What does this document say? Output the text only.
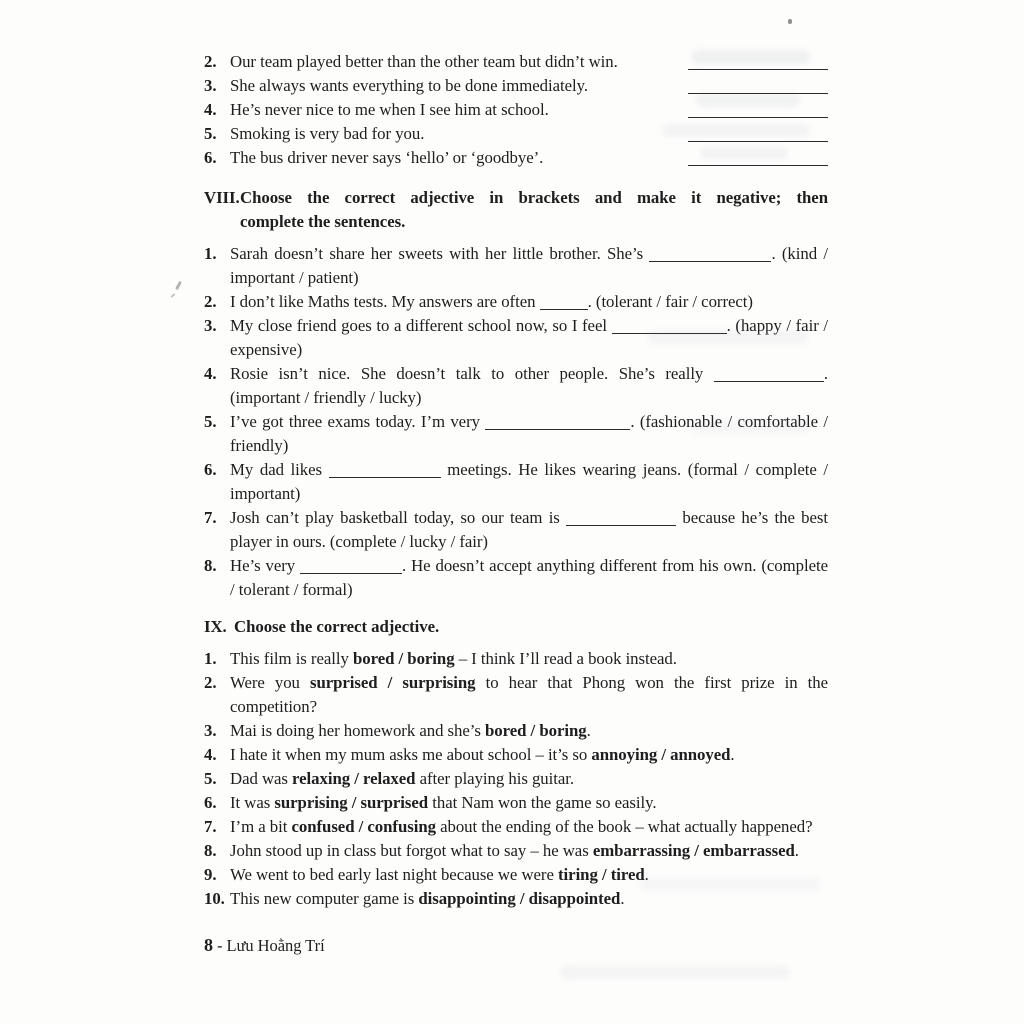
2. Our team played better than the other team but didn’t win.
3. She always wants everything to be done immediately.
4. He’s never nice to me when I see him at school.
5. Smoking is very bad for you.
6. The bus driver never says ‘hello’ or ‘goodbye’.
VIII. Choose the correct adjective in brackets and make it negative; then
complete the sentences.
1. Sarah doesn’t share her sweets with her little brother. She’s	. (kind / important / patient)
2. I don’t like Maths tests. My answers are often	. (tolerant / fair / correct)
3. My close friend goes to a different school now, so I feel	. (happy / fair / expensive)
4. Rosie isn’t nice. She doesn’t talk to other people. She’s really	. (important / friendly / lucky)
5. I’ve got three exams today. I’m very	. (fashionable / comfortable / friendly)
6. My dad likes	meetings. He likes wearing jeans. (formal / complete / important)
7. Josh can’t play basketball today, so our team is	because he’s the best player in ours. (complete / lucky / fair)
8. He’s very	. He doesn’t accept anything different from his own. (complete / tolerant / formal)
IX. Choose the correct adjective.
1. This film is really bored / boring – I think I’ll read a book instead.
2. Were you surprised / surprising to hear that Phong won the first prize in the competition?
3. Mai is doing her homework and she’s bored / boring.
4. I hate it when my mum asks me about school – it’s so annoying / annoyed.
5. Dad was relaxing / relaxed after playing his guitar.
6. It was surprising / surprised that Nam won the game so easily.
7. I’m a bit confused / confusing about the ending of the book – what actually happened?
8. John stood up in class but forgot what to say – he was embarrassing / embarrassed.
9. We went to bed early last night because we were tiring / tired.
10. This new computer game is disappointing / disappointed.
8 - Lưu Hoằng Trí
